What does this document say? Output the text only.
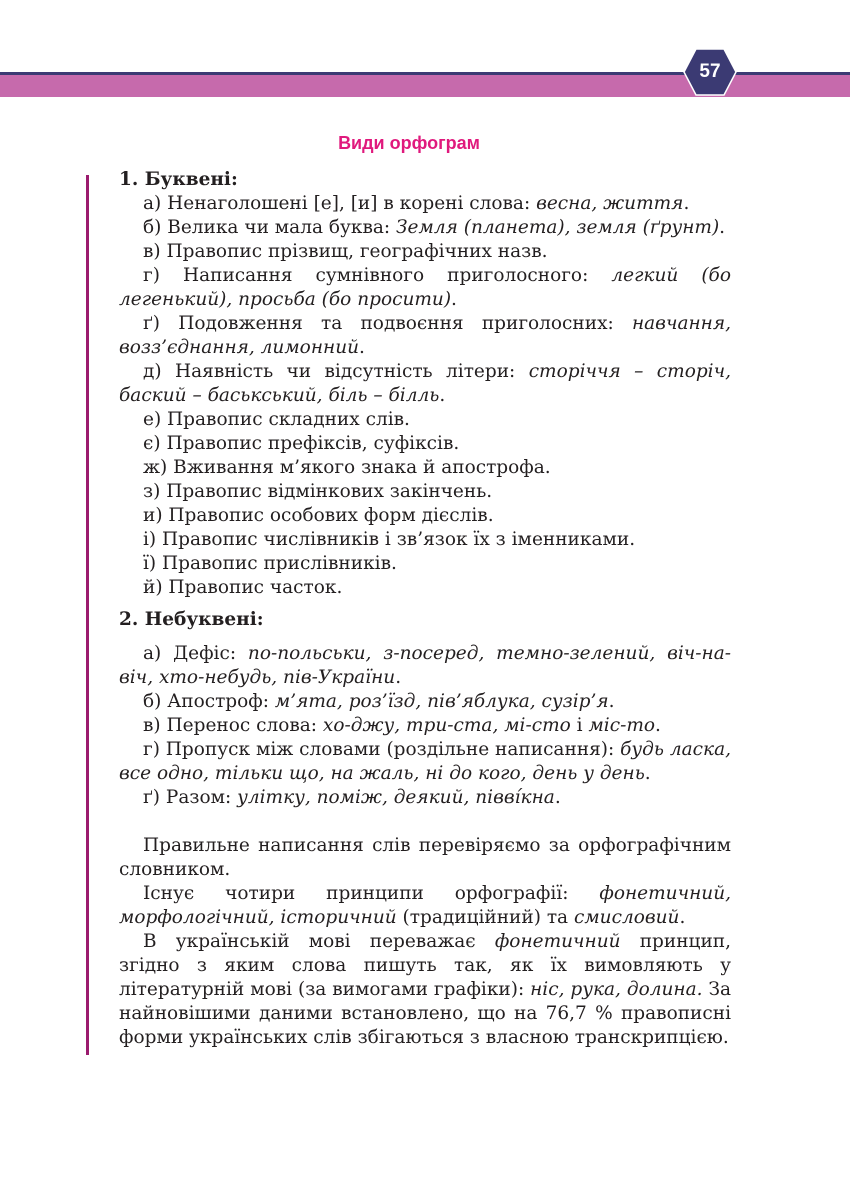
57
Види орфограм

1. Буквені:

а) Ненаголошені [е], [и] в корені слова: весна, життя.

б) Велика чи мала буква: Земля (планета), земля (ґрунт).

в) Правопис прізвищ, географічних назв.

г) Написання сумнівного приголосного: легкий (бо легенький), просьба (бо просити).

ґ) Подовження та подвоєння приголосних: навчання, возз’єднання, лимонний.

д) Наявність чи відсутність літери: сторіччя – сторіч, баский – баськський, біль – білль.

е) Правопис складних слів.

є) Правопис префіксів, суфіксів.

ж) Вживання м’якого знака й апострофа.

з) Правопис відмінкових закінчень.

и) Правопис особових форм дієслів.

і) Правопис числівників і зв’язок їх з іменниками.

ї) Правопис прислівників.

й) Правопис часток.

2. Небуквені:

а) Дефіс: по-польськи, з-посеред, темно-зелений, віч-на-віч, хто-небудь, пів-України.

б) Апостроф: м’ята, роз’їзд, пів’яблука, сузір’я.

в) Перенос слова: хо-джу, три-ста, мі-сто і міс-то.

г) Пропуск між словами (роздільне написання): будь ласка, все одно, тільки що, на жаль, ні до кого, день у день.

ґ) Разом: улітку, поміж, деякий, півві́кна.

Правильне написання слів перевіряємо за орфографічним словником.

Існує чотири принципи орфографії: фонетичний, морфологічний, історичний (традиційний) та смисловий.

В українській мові переважає фонетичний принцип, згідно з яким слова пишуть так, як їх вимовляють у літературній мові (за вимогами графіки): ніс, рука, долина. За найновішими даними встановлено, що на 76,7 % правописні форми українських слів збігаються з власною транскрипцією.
